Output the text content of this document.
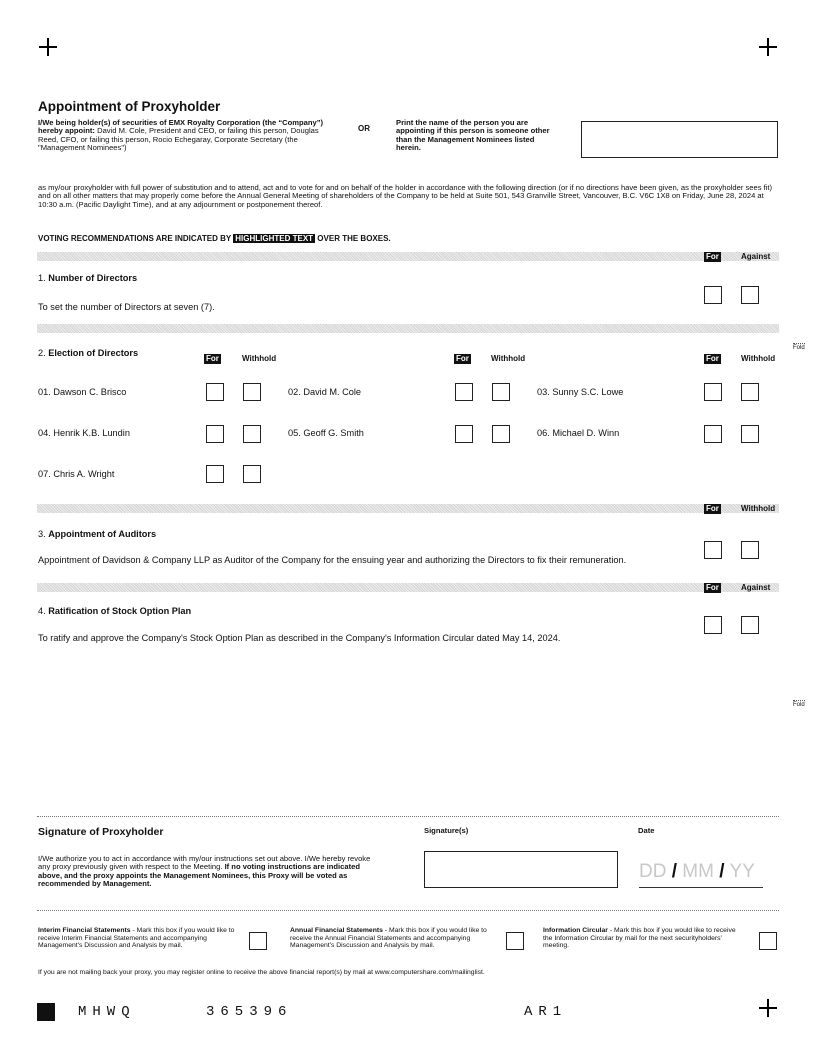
Appointment of Proxyholder
I/We being holder(s) of securities of EMX Royalty Corporation (the “Company”) hereby appoint: David M. Cole, President and CEO, or failing this person, Douglas Reed, CFO, or failing this person, Rocio Echegaray, Corporate Secretary (the "Management Nominees")
OR
Print the name of the person you are appointing if this person is someone other than the Management Nominees listed herein.
as my/our proxyholder with full power of substitution and to attend, act and to vote for and on behalf of the holder in accordance with the following direction (or if no directions have been given, as the proxyholder sees fit) and on all other matters that may properly come before the Annual General Meeting of shareholders of the Company to be held at Suite 501, 543 Granville Street, Vancouver, B.C. V6C 1X8 on Friday, June 28, 2024 at 10:30 a.m. (Pacific Daylight Time), and at any adjournment or postponement thereof.
VOTING RECOMMENDATIONS ARE INDICATED BY HIGHLIGHTED TEXT OVER THE BOXES.
For	Against
1. Number of Directors
To set the number of Directors at seven (7).
2. Election of Directors
For	Withhold	For	Withhold	For	Withhold
01. Dawson C. Brisco	02. David M. Cole	03. Sunny S.C. Lowe
04. Henrik K.B. Lundin	05. Geoff G. Smith	06. Michael D. Winn
07. Chris A. Wright
For	Withhold
3. Appointment of Auditors
Appointment of Davidson & Company LLP as Auditor of the Company for the ensuing year and authorizing the Directors to fix their remuneration.
For	Against
4. Ratification of Stock Option Plan
To ratify and approve the Company's Stock Option Plan as described in the Company's Information Circular dated May 14, 2024.
Fold
Fold
Signature of Proxyholder	Signature(s)	Date
I/We authorize you to act in accordance with my/our instructions set out above. I/We hereby revoke any proxy previously given with respect to the Meeting. If no voting instructions are indicated above, and the proxy appoints the Management Nominees, this Proxy will be voted as recommended by Management.
DD / MM / YY
Interim Financial Statements - Mark this box if you would like to receive Interim Financial Statements and accompanying Management's Discussion and Analysis by mail.
Annual Financial Statements - Mark this box if you would like to receive the Annual Financial Statements and accompanying Management's Discussion and Analysis by mail.
Information Circular - Mark this box if you would like to receive the Information Circular by mail for the next securityholders' meeting.
If you are not mailing back your proxy, you may register online to receive the above financial report(s) by mail at www.computershare.com/mailinglist.
MHWQ	365396	AR1
